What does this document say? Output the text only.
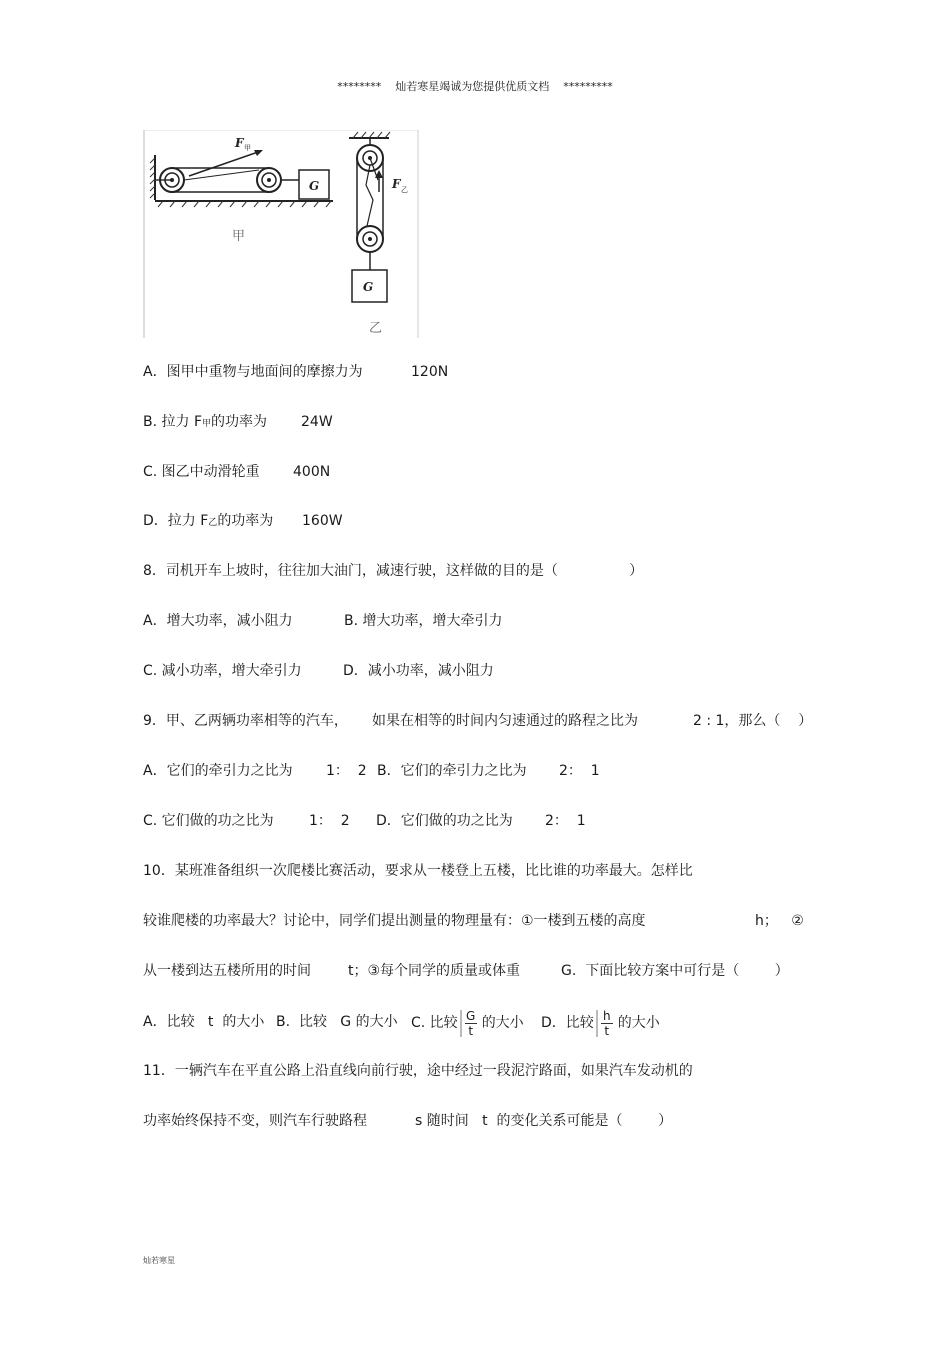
********    灿若寒星竭诚为您提供优质文档    *********
F 甲
甲
F 乙
G
乙
G
A．图甲中重物与地面间的摩擦力为	120N
B. 拉力 F甲的功率为 24W
C. 图乙中动滑轮重 400N
D．拉力 F乙的功率为 160W
8．司机开车上坡时，往往加大油门，减速行驶，这样做的目的是（                ）
A．增大功率，减小阻力	B. 增大功率，增大牵引力
C. 减小功率，增大牵引力	D．减小功率，减小阻力
9．甲、乙两辆功率相等的汽车， 如果在相等的时间内匀速通过的路程之比为	2 : 1，那么（    ）
A．它们的牵引力之比为 1：  2 B．它们的牵引力之比为 2：  1
C. 它们做的功之比为	1：  2 D．它们做的功之比为 2：  1
10．某班准备组织一次爬楼比赛活动，要求从一楼登上五楼，比比谁的功率最大。怎样比
较谁爬楼的功率最大？讨论中，同学们提出测量的物理量有：①一楼到五楼的高度	h；   ②
从一楼到达五楼所用的时间	t；③每个同学的质量或体重	G.  下面比较方案中可行是（        ）
A．比较   t  的大小 B.  比较   G 的大小 C. 比较 $\frac{G}{t}$ 的大小 D．比较 $\frac{h}{t}$ 的大小
11．一辆汽车在平直公路上沿直线向前行驶，途中经过一段泥泞路面，如果汽车发动机的
功率始终保持不变，则汽车行驶路程	s 随时间   t  的变化关系可能是（        ）
灿若寒星
